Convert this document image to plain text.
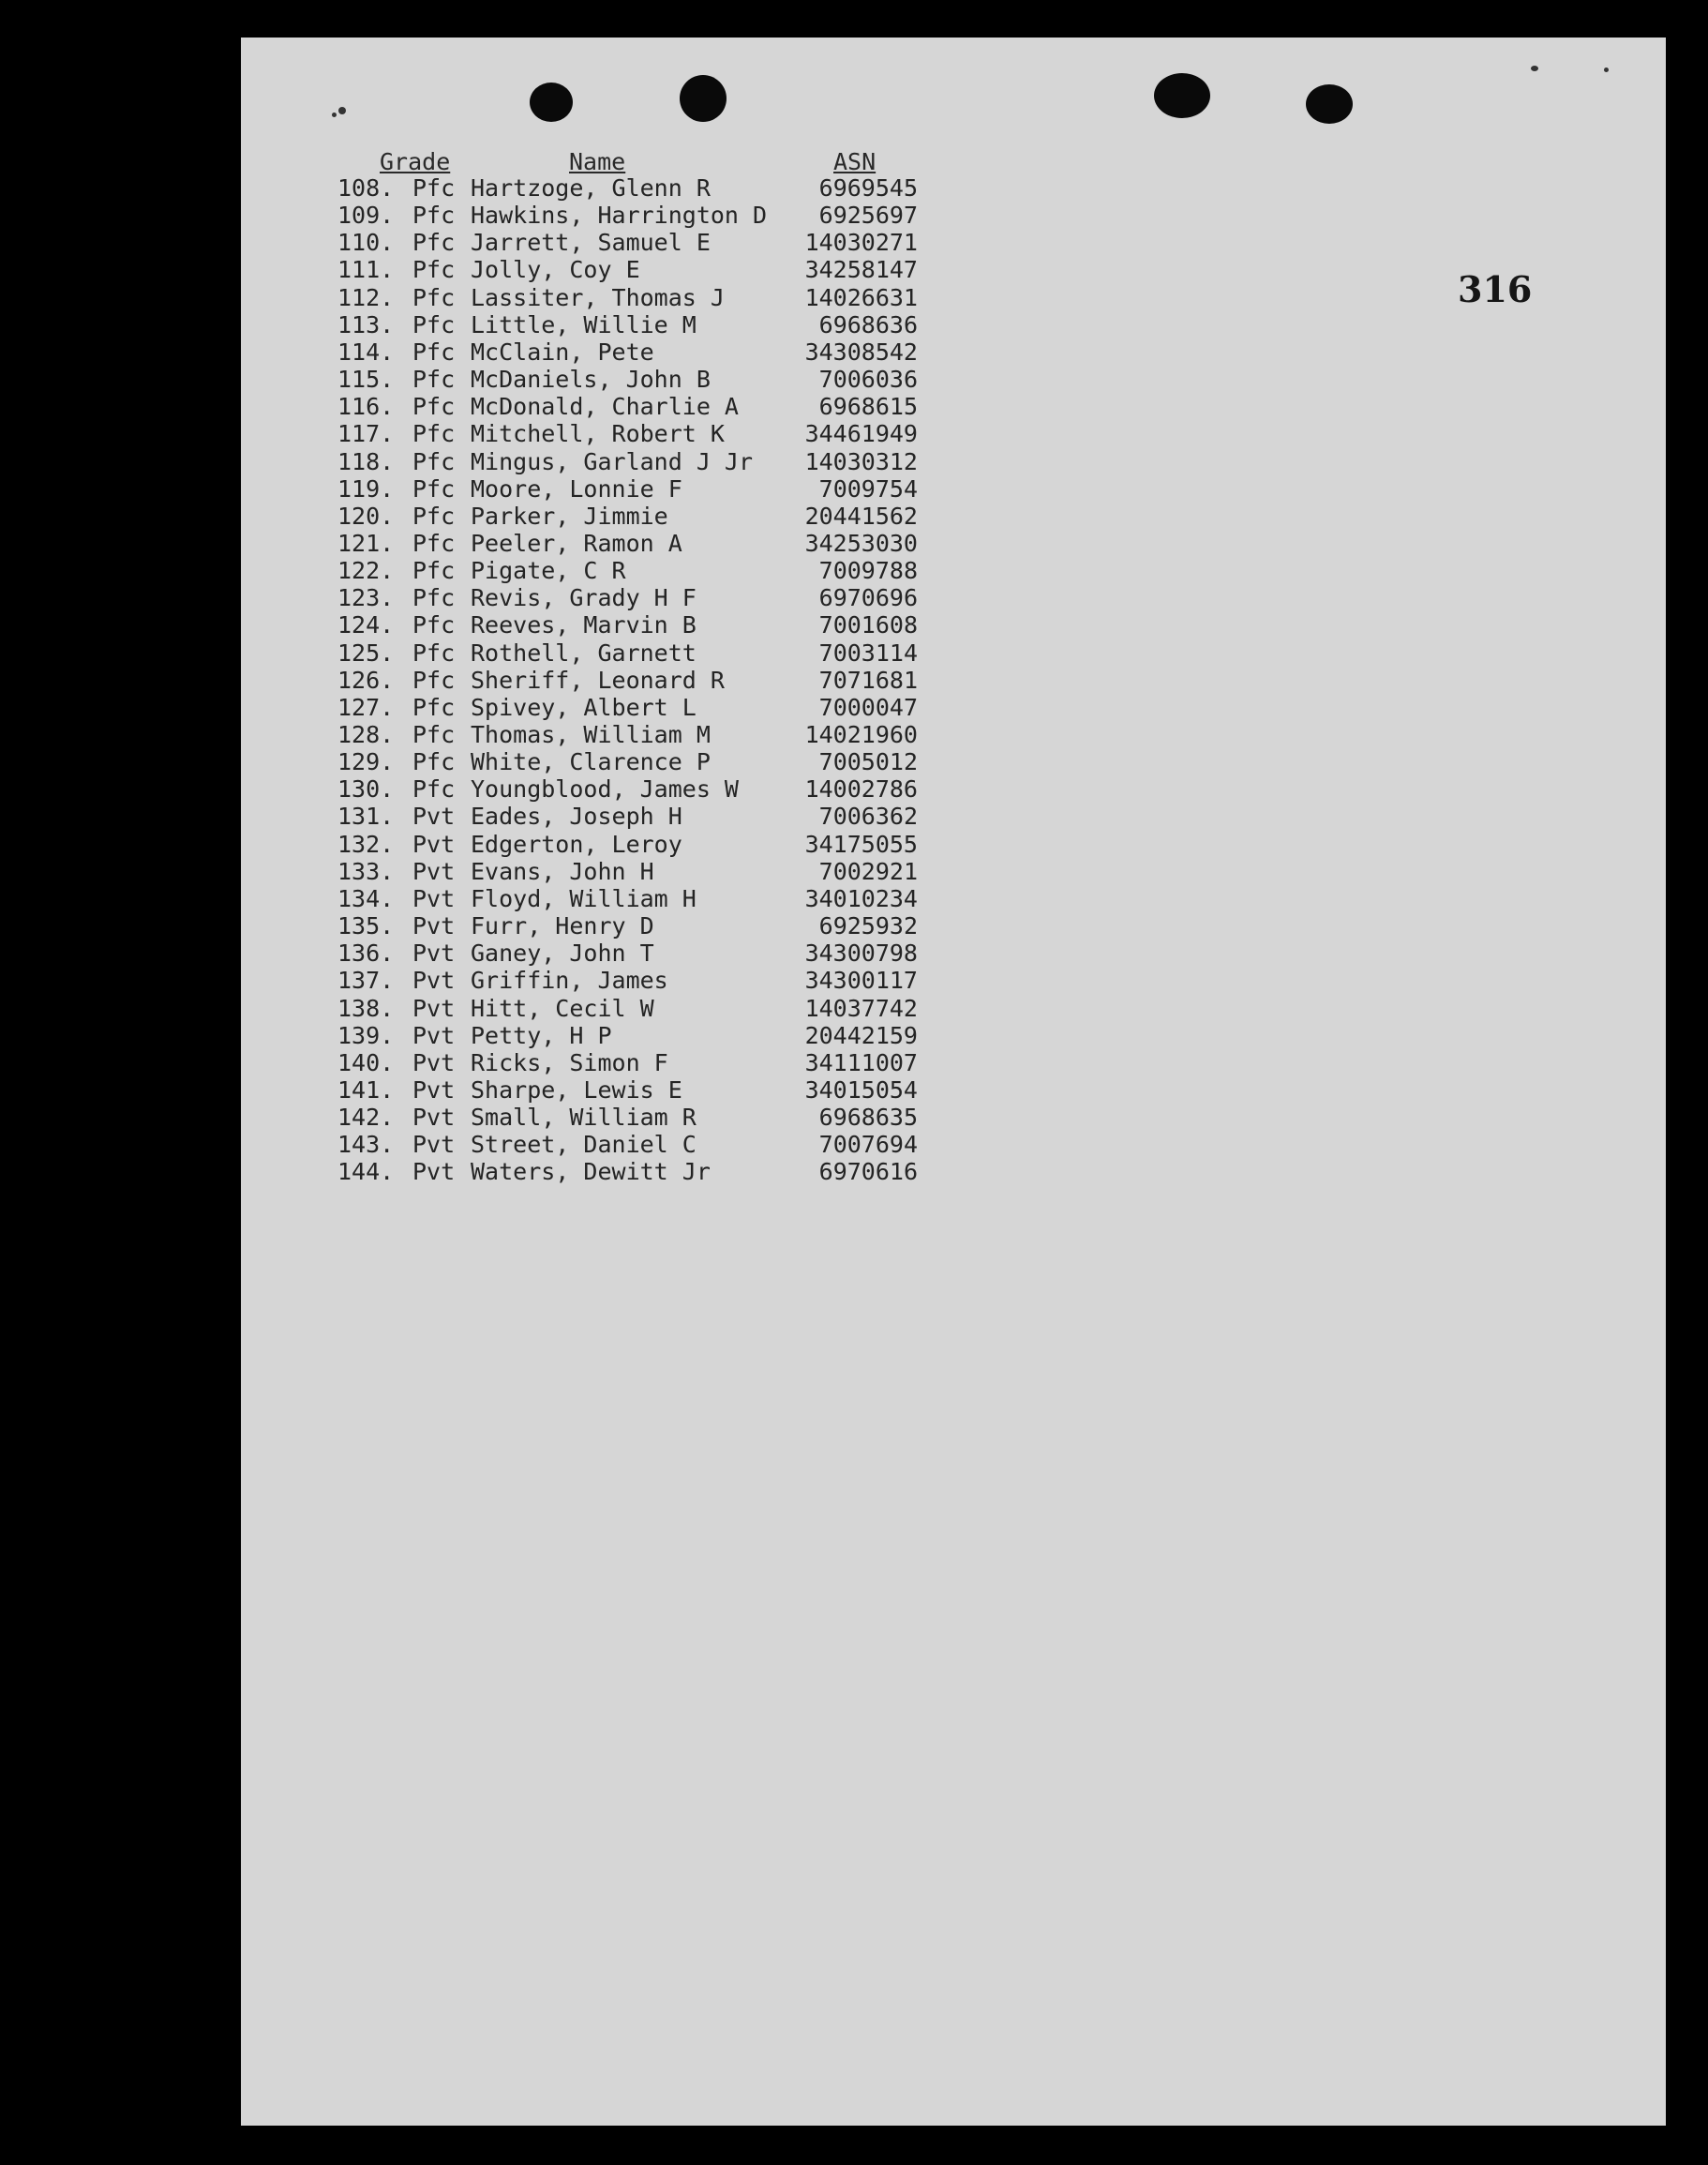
316
Grade	Name	ASN
108. Pfc Hartzoge, Glenn R	6969545
109. Pfc Hawkins, Harrington D	6925697
110. Pfc Jarrett, Samuel E	14030271
111. Pfc Jolly, Coy E	34258147
112. Pfc Lassiter, Thomas J	14026631
113. Pfc Little, Willie M	6968636
114. Pfc McClain, Pete	34308542
115. Pfc McDaniels, John B	7006036
116. Pfc McDonald, Charlie A	6968615
117. Pfc Mitchell, Robert K	34461949
118. Pfc Mingus, Garland J Jr	14030312
119. Pfc Moore, Lonnie F	7009754
120. Pfc Parker, Jimmie	20441562
121. Pfc Peeler, Ramon A	34253030
122. Pfc Pigate, C R	7009788
123. Pfc Revis, Grady H F	6970696
124. Pfc Reeves, Marvin B	7001608
125. Pfc Rothell, Garnett	7003114
126. Pfc Sheriff, Leonard R	7071681
127. Pfc Spivey, Albert L	7000047
128. Pfc Thomas, William M	14021960
129. Pfc White, Clarence P	7005012
130. Pfc Youngblood, James W	14002786
131. Pvt Eades, Joseph H	7006362
132. Pvt Edgerton, Leroy	34175055
133. Pvt Evans, John H	7002921
134. Pvt Floyd, William H	34010234
135. Pvt Furr, Henry D	6925932
136. Pvt Ganey, John T	34300798
137. Pvt Griffin, James	34300117
138. Pvt Hitt, Cecil W	14037742
139. Pvt Petty, H P	20442159
140. Pvt Ricks, Simon F	34111007
141. Pvt Sharpe, Lewis E	34015054
142. Pvt Small, William R	6968635
143. Pvt Street, Daniel C	7007694
144. Pvt Waters, Dewitt Jr	6970616
